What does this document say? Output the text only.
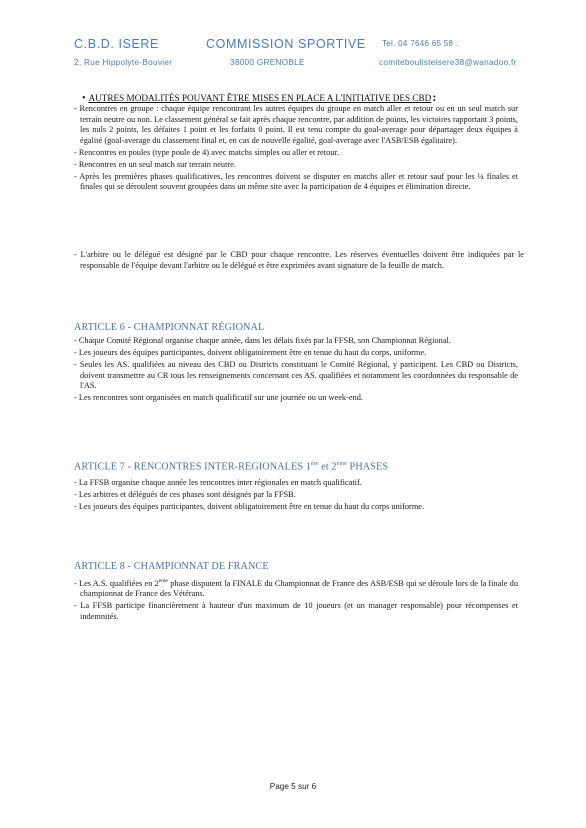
C.B.D. ISERE	COMMISSION SPORTIVE Tel. 04 7646 65 58 .
2, Rue Hippolyte-Bouvier	38000 GRENOBLE	comiteboulisteisere38@wanadoo.fr
• AUTRES MODALITÉS POUVANT ÊTRE MISES EN PLACE A L'INITIATIVE DES CBD:
- Rencontres en groupe : chaque équipe rencontrant les autres équipes du groupe en match aller et retour ou en un seul match sur terrain neutre ou non. Le classement général se fait après chaque rencontre, par addition de points, les victoires rapportant 3 points, les nuls 2 points, les défaites 1 point et les forfaits 0 point. Il est tenu compte du goal-average pour départager deux équipes à égalité (goal-average du classement final et, en cas de nouvelle égalité, goal-average avec l'ASB/ESB égalitaire).
- Rencontres en poules (type poule de 4) avec matchs simples ou aller et retour.
- Rencontres en un seul match sur terrain neutre.
- Après les premières phases qualificatives, les rencontres doivent se disputer en matchs aller et retour sauf pour les ¼ finales et finales qui se déroulent souvent groupées dans un même site avec la participation de 4 équipes et élimination directe.
- L'arbitre ou le délégué est désigné par le CBD pour chaque rencontre. Les réserves éventuelles doivent être indiquées par le responsable de l'équipe devant l'arbitre ou le délégué et être exprimées avant signature de la feuille de match.
ARTICLE 6 - CHAMPIONNAT RÉGIONAL
- Chaque Comité Régional organise chaque année, dans les délais fixés par la FFSB, son Championnat Régional.
- Les joueurs des équipes participantes, doivent obligatoirement être en tenue du haut du corps, uniforme.
- Seules les AS. qualifiées au niveau des CBD ou Districts constituant le Comité Régional, y participent. Les CBD ou Districts, doivent transmettre au CR tous les renseignements concernant ces AS. qualifiées et notamment les coordonnées du responsable de l'AS.
- Les rencontres sont organisées en match qualificatif sur une journée ou un week-end.
ARTICLE 7 - RENCONTRES INTER-REGIONALES 1ère et 2ème PHASES
- La FFSB organise chaque année les rencontres inter régionales en match qualificatif.
- Les arbitres et délégués de ces phases sont désignés par la FFSB.
- Les joueurs des équipes participantes, doivent obligatoirement être en tenue du haut du corps uniforme.
ARTICLE 8 - CHAMPIONNAT DE FRANCE
- Les A.S. qualifiées en 2ème phase disputent la FINALE du Championnat de France des ASB/ESB qui se déroule lors de la finale du championnat de France des Vétérans.
- La FFSB participe financièrement à hauteur d'un maximum de 10 joueurs (et un manager responsable) pour récompenses et indemnités.
Page 5 sur 6
